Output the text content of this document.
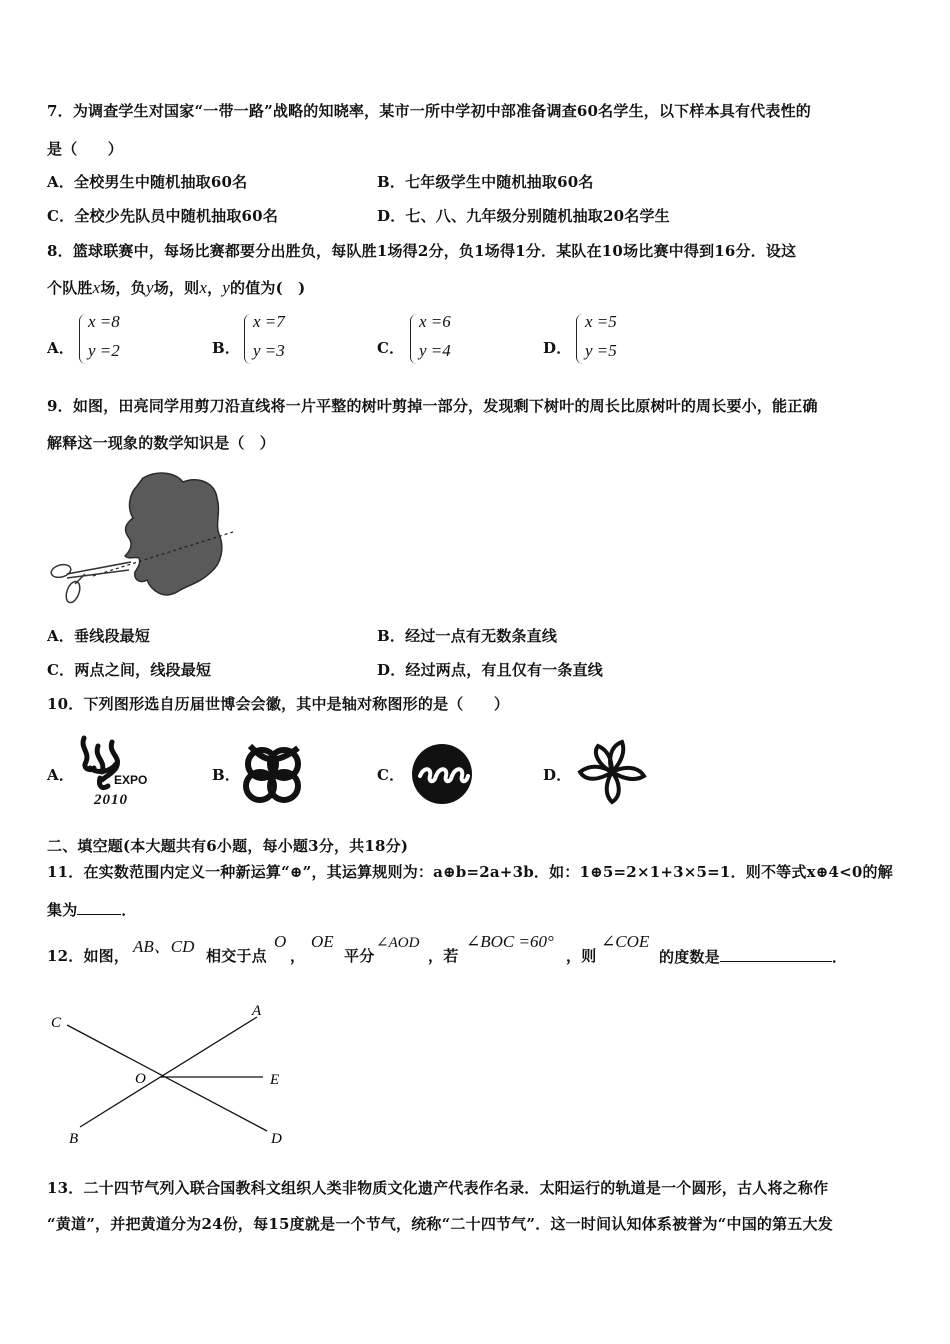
7．为调查学生对国家“一带一路”战略的知晓率，某市一所中学初中部准备调查60名学生，以下样本具有代表性的
是（　　）
A．全校男生中随机抽取60名	B．七年级学生中随机抽取60名
C．全校少先队员中随机抽取60名	D．七、八、九年级分别随机抽取20名学生
8．篮球联赛中，每场比赛都要分出胜负，每队胜1场得2分，负1场得1分．某队在10场比赛中得到16分．设这
个队胜x场，负y场，则x，y的值为(　)
A．
x =8
y =2	B．
x =7
y =3	C．
x =6
y =4	D．
x =5
y =5
9．如图，田亮同学用剪刀沿直线将一片平整的树叶剪掉一部分，发现剩下树叶的周长比原树叶的周长要小，能正确
解释这一现象的数学知识是（　）
A．垂线段最短	B．经过一点有无数条直线
C．两点之间，线段最短	D．经过两点，有且仅有一条直线
10．下列图形选自历届世博会会徽，其中是轴对称图形的是（　　）
A．	EXPO
2010
B．	C．	D．
二、填空题(本大题共有6小题，每小题3分，共18分)
11．在实数范围内定义一种新运算“⊕”，其运算规则为：a⊕b=2a+3b．如：1⊕5=2×1+3×5=1．则不等式x⊕4<0的解
集为	．
12．如图， AB、CD 相交于点
O
，
OE
平分
∠AOD
，若
∠BOC =60°
，则
∠COE
的度数是	．
C
A
O	E
B	D
13．二十四节气列入联合国教科文组织人类非物质文化遗产代表作名录．太阳运行的轨道是一个圆形，古人将之称作
“黄道”，并把黄道分为24份，每15度就是一个节气，统称“二十四节气”．这一时间认知体系被誉为“中国的第五大发
